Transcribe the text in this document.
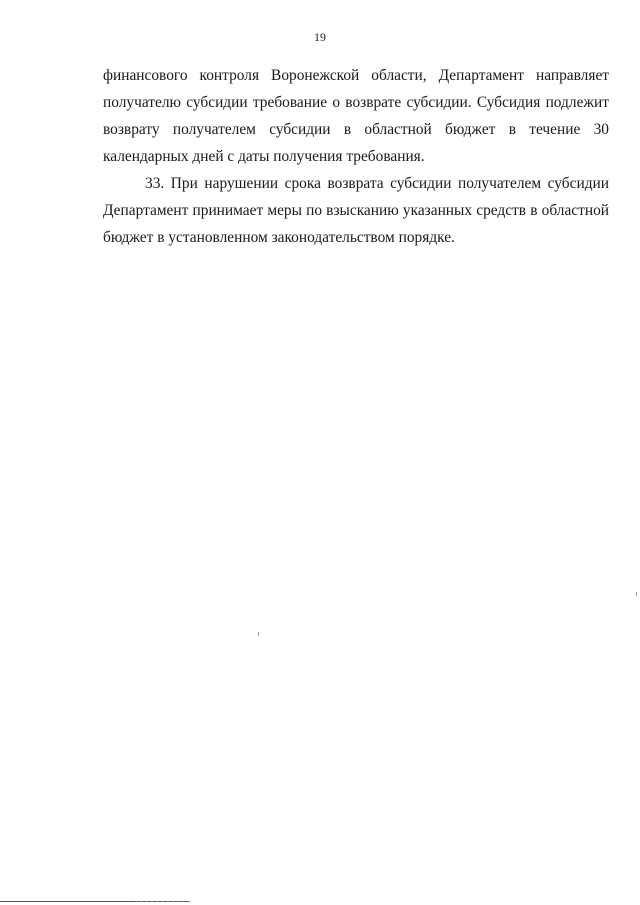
19

финансового контроля Воронежской области, Департамент направляет получателю субсидии требование о возврате субсидии. Субсидия подлежит возврату получателем субсидии в областной бюджет в течение 30 календарных дней с даты получения требования.

33. При нарушении срока возврата субсидии получателем субсидии Департамент принимает меры по взысканию указанных средств в областной бюджет в установленном законодательством порядке.
